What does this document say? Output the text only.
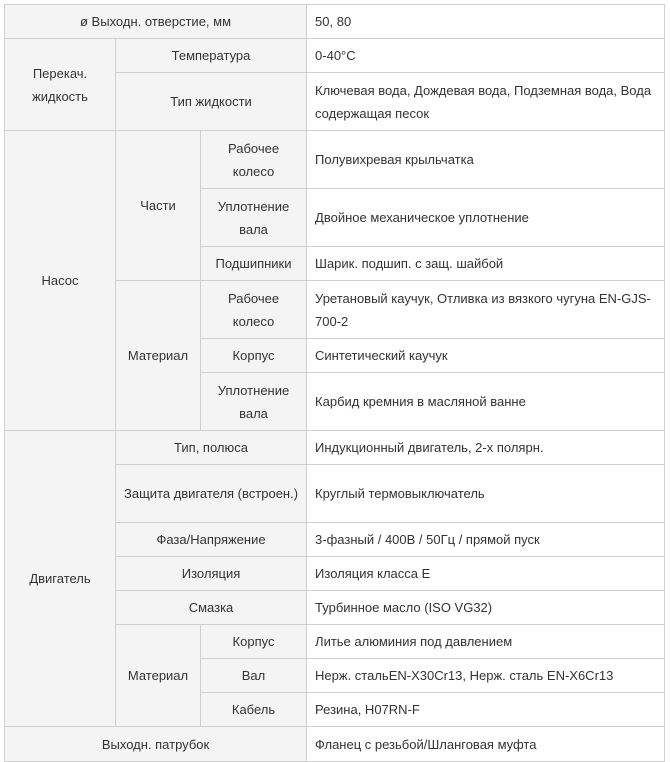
ø Выходн. отверстие, мм			50, 80
Перекач. жидкость	Температура		0-40°C
	Тип жидкости		Ключевая вода, Дождевая вода, Подземная вода, Вода содержащая песок
Насос	Части	Рабочее колесо	Полувихревая крыльчатка
		Уплотнение вала	Двойное механическое уплотнение
		Подшипники	Шарик. подшип. с защ. шайбой
	Материал	Рабочее колесо	Уретановый каучук, Отливка из вязкого чугуна EN-GJS-700-2
		Корпус	Синтетический каучук
		Уплотнение вала	Карбид кремния в масляной ванне
Двигатель	Тип, полюса		Индукционный двигатель, 2-х полярн.
	Защита двигателя (встроен.)		Круглый термовыключатель
	Фаза/Напряжение		3-фазный / 400В / 50Гц / прямой пуск
	Изоляция		Изоляция класса Е
	Смазка		Турбинное масло (ISO VG32)
	Материал	Корпус	Литье алюминия под давлением
		Вал	Нерж. стальEN-X30Cr13, Нерж. сталь EN-X6Cr13
		Кабель	Резина, H07RN-F
Выходн. патрубок			Фланец с резьбой/Шланговая муфта
